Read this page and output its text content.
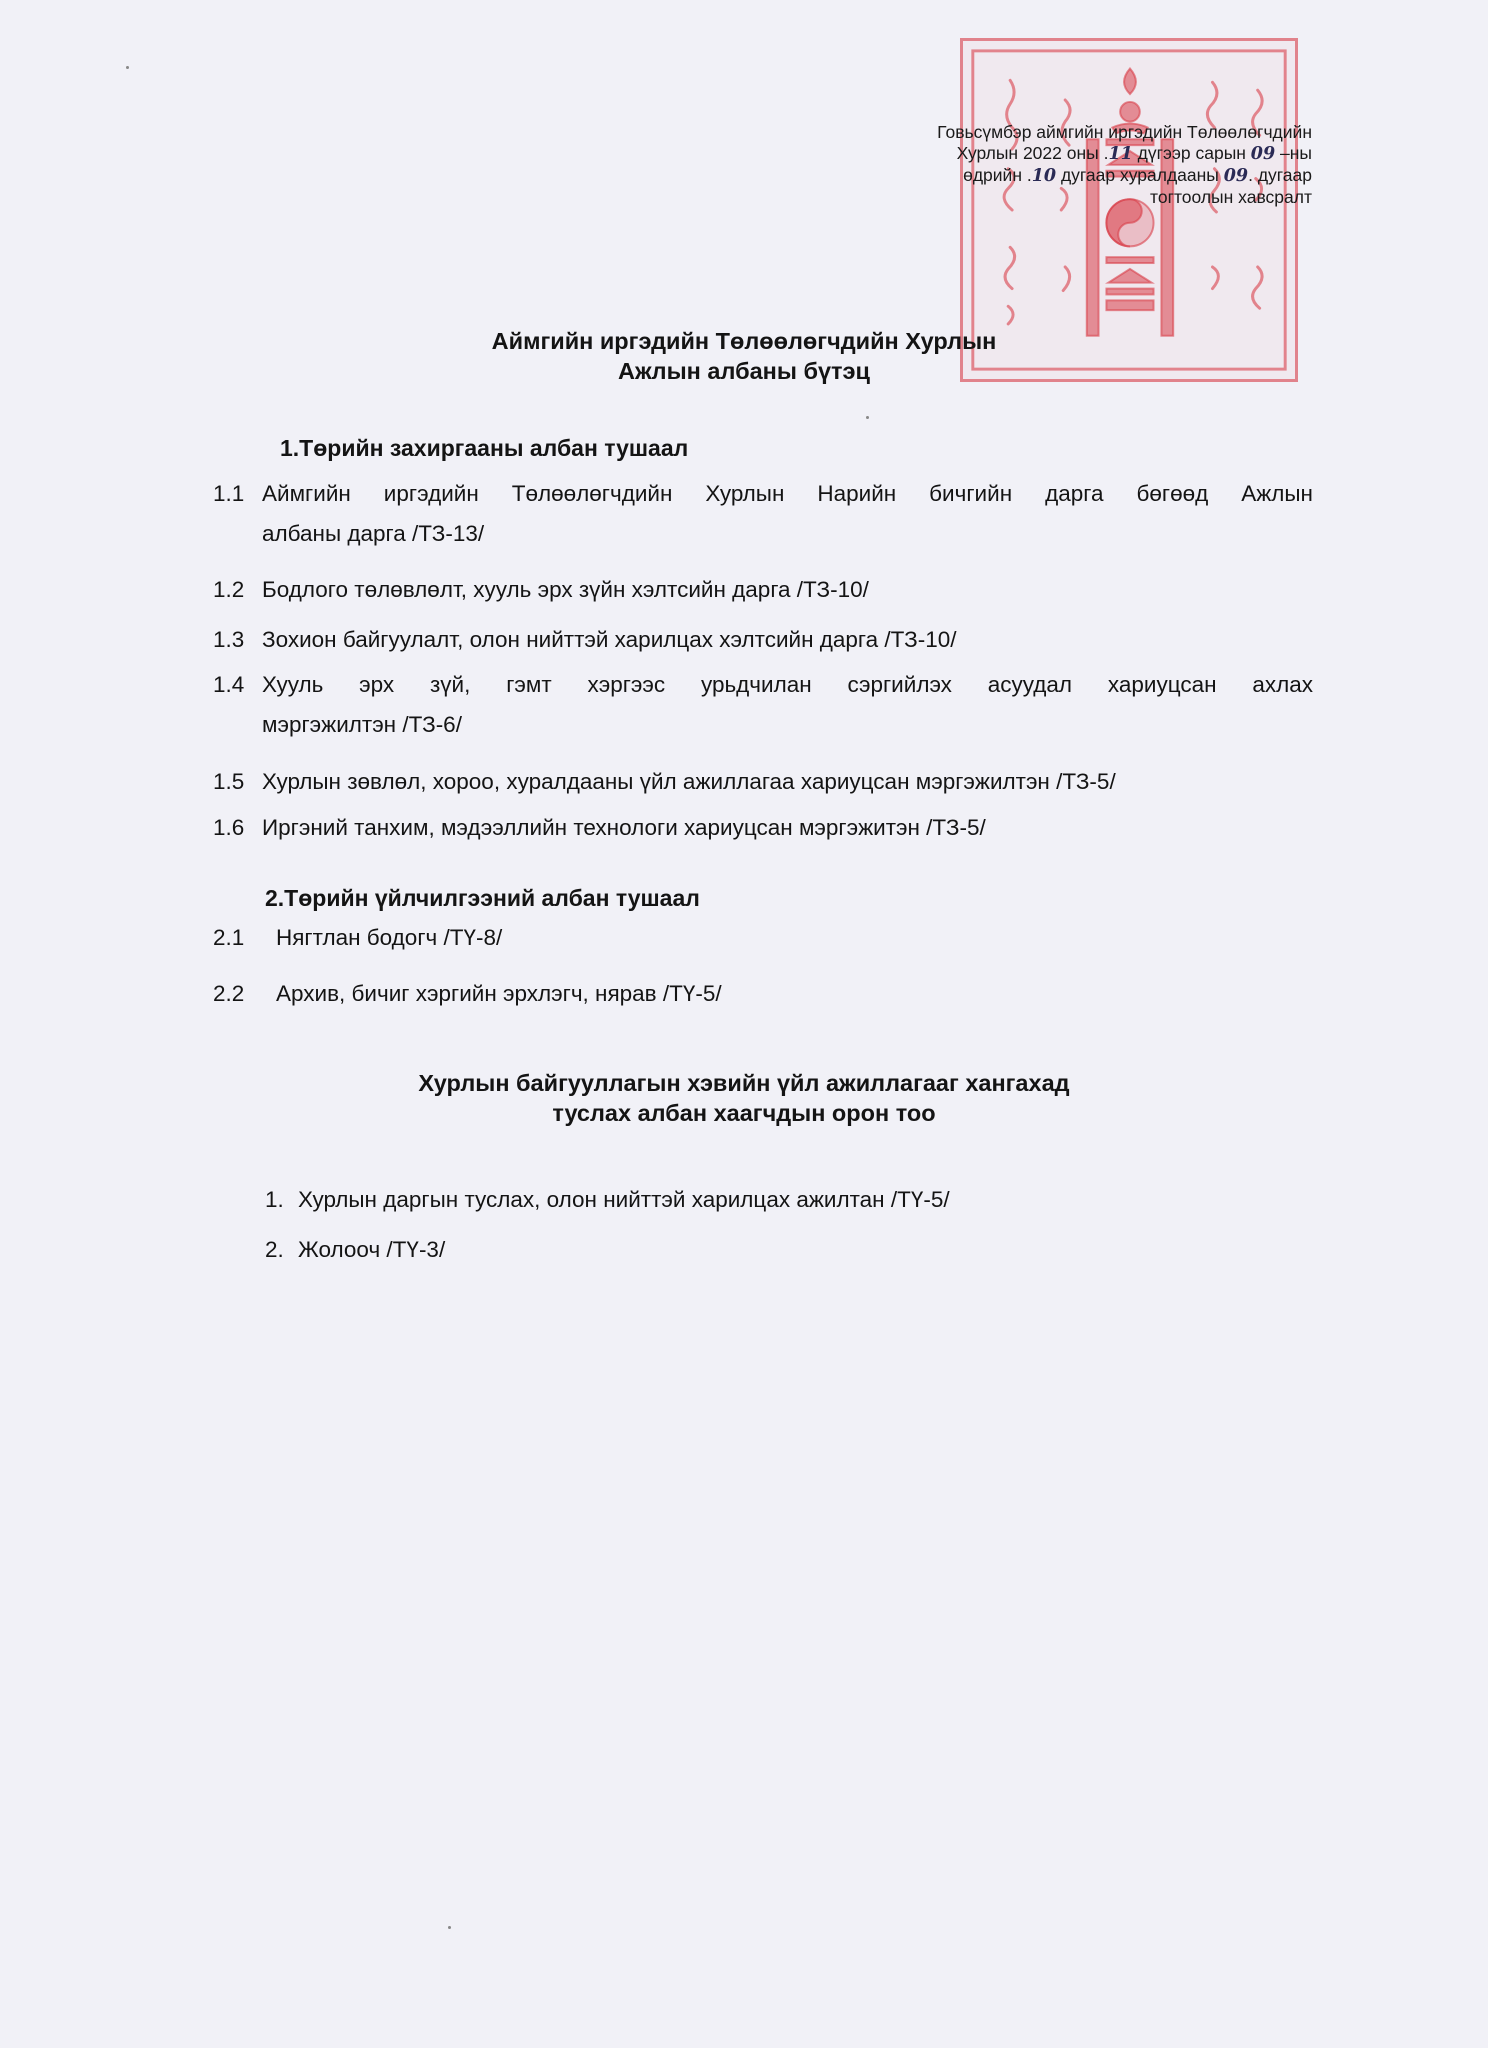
Говьсүмбэр аймгийн иргэдийн Төлөөлөгчдийн
Хурлын 2022 оны .11 дүгээр сарын 09 –ны
өдрийн .10 дугаар хуралдааны 09. дугаар
тогтоолын хавсралт
Аймгийн иргэдийн Төлөөлөгчдийн Хурлын
Ажлын албаны бүтэц
1.Төрийн захиргааны албан тушаал
1.1 Аймгийн иргэдийн Төлөөлөгчдийн Хурлын Нарийн бичгийн дарга бөгөөд Ажлын
албаны дарга /ТЗ-13/
1.2 Бодлого төлөвлөлт, хууль эрх зүйн хэлтсийн дарга /ТЗ-10/
1.3 Зохион байгуулалт, олон нийттэй харилцах хэлтсийн дарга /ТЗ-10/
1.4 Хууль эрх зүй, гэмт хэргээс урьдчилан сэргийлэх асуудал хариуцсан ахлах
мэргэжилтэн /ТЗ-6/
1.5 Хурлын зөвлөл, хороо, хуралдааны үйл ажиллагаа хариуцсан мэргэжилтэн /ТЗ-5/
1.6 Иргэний танхим, мэдээллийн технологи хариуцсан мэргэжитэн /ТЗ-5/
2.Төрийн үйлчилгээний албан тушаал
2.1 Нягтлан бодогч /ТҮ-8/
2.2 Архив, бичиг хэргийн эрхлэгч, нярав /ТҮ-5/
Хурлын байгууллагын хэвийн үйл ажиллагааг хангахад
туслах албан хаагчдын орон тоо
1. Хурлын даргын туслах, олон нийттэй харилцах ажилтан /ТҮ-5/
2. Жолооч /ТҮ-3/
